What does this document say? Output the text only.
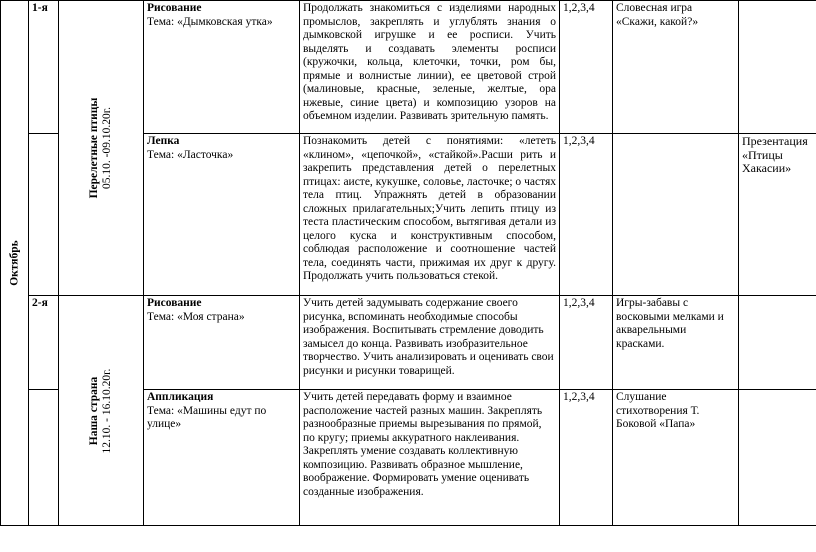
Октябрь	1-я	Перелетные птицы 05.10. -09.10.20г.	Рисование
Тема: «Дымковская утка»	Продолжать знакомиться с изделиями народных промыслов, закреплять и углублять знания о дымковской игрушке и ее росписи. Учить выделять и создавать элементы росписи (кружочки, кольца, клеточки, точки, ром бы, прямые и волнистые линии), ее цветовой строй (малиновые, красные, зеленые, желтые, ора нжевые, синие цвета) и композицию узоров на объемном изделии. Развивать зрительную память.	1,2,3,4	Словесная игра «Скажи, какой?»	

			Лепка
Тема: «Ласточка»	Познакомить детей с понятиями: «лететь «клином», «цепочкой», «стайкой».Расши рить и закрепить представления детей о перелетных птицах: аисте, кукушке, соловье, ласточке; о частях тела птиц. Упражнять детей в образовании сложных прилагательных;Учить лепить птицу из теста пластическим способом, вытягивая детали из целого куска и конструктивным способом, соблюдая расположение и соотношение частей тела, соединять части, прижимая их друг к другу. Продолжать учить пользоваться стекой.	1,2,3,4		Презентация «Птицы Хакасии»
	2-я	Наша страна 12.10. - 16.10.20г.	Рисование
Тема: «Моя страна»	Учить детей задумывать содержание своего рисунка, вспоминать необходимые способы изображения. Воспитывать стремление доводить замысел до конца. Развивать изобразительное творчество. Учить анализировать и оценивать свои рисунки и рисунки товарищей.	1,2,3,4	Игры-забавы с восковыми мелками и акварельными красками.	

			Аппликация
Тема: «Машины едут по улице»	Учить детей передавать форму и взаимное расположение частей разных машин. Закреплять разнообразные приемы вырезывания по прямой, по кругу; приемы аккуратного наклеивания. Закреплять умение создавать коллективную композицию. Развивать образное мышление, воображение. Формировать умение оценивать созданные изображения.	1,2,3,4	Слушание стихотворения Т. Боковой «Папа»	
